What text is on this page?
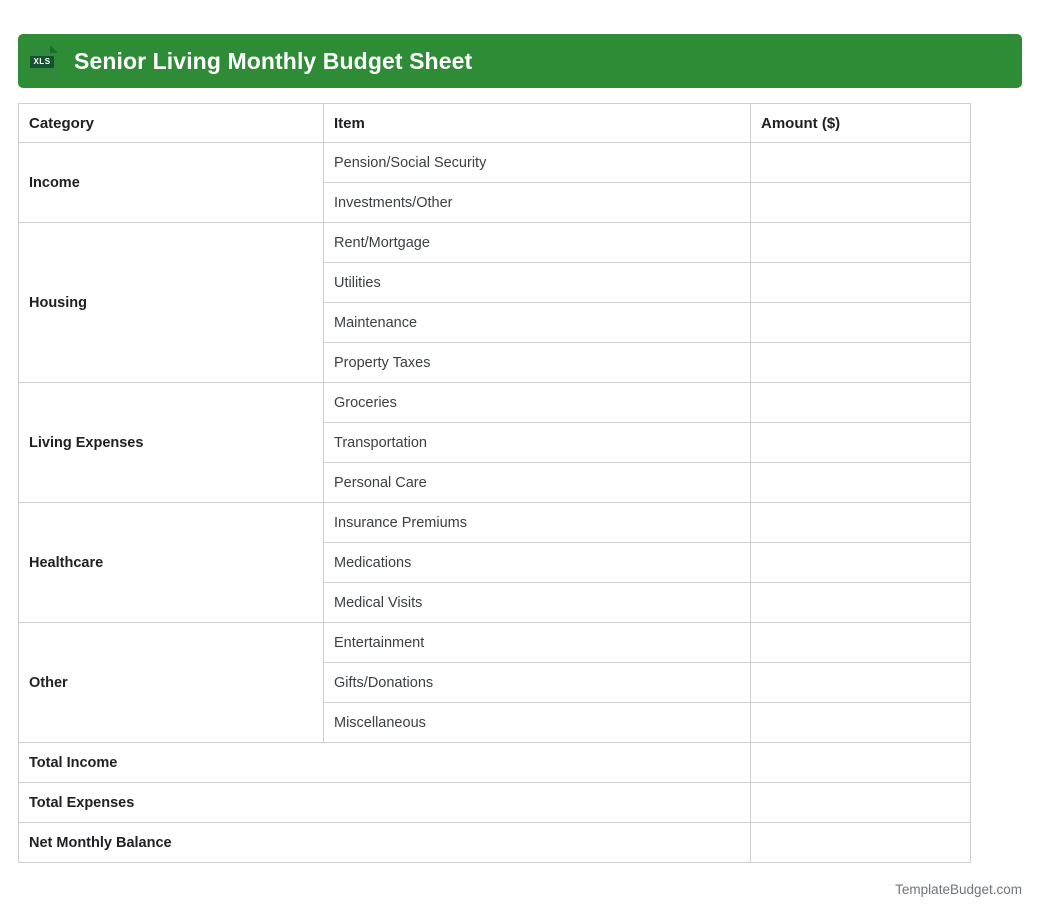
XLS Senior Living Monthly Budget Sheet
Category	Item	Amount ($)
Income	Pension/Social Security	
	Investments/Other	
Housing	Rent/Mortgage	
	Utilities	
	Maintenance	
	Property Taxes	
Living Expenses	Groceries	
	Transportation	
	Personal Care	
Healthcare	Insurance Premiums	
	Medications	
	Medical Visits	
Other	Entertainment	
	Gifts/Donations	
	Miscellaneous	
Total Income		
Total Expenses		
Net Monthly Balance		
TemplateBudget.com
